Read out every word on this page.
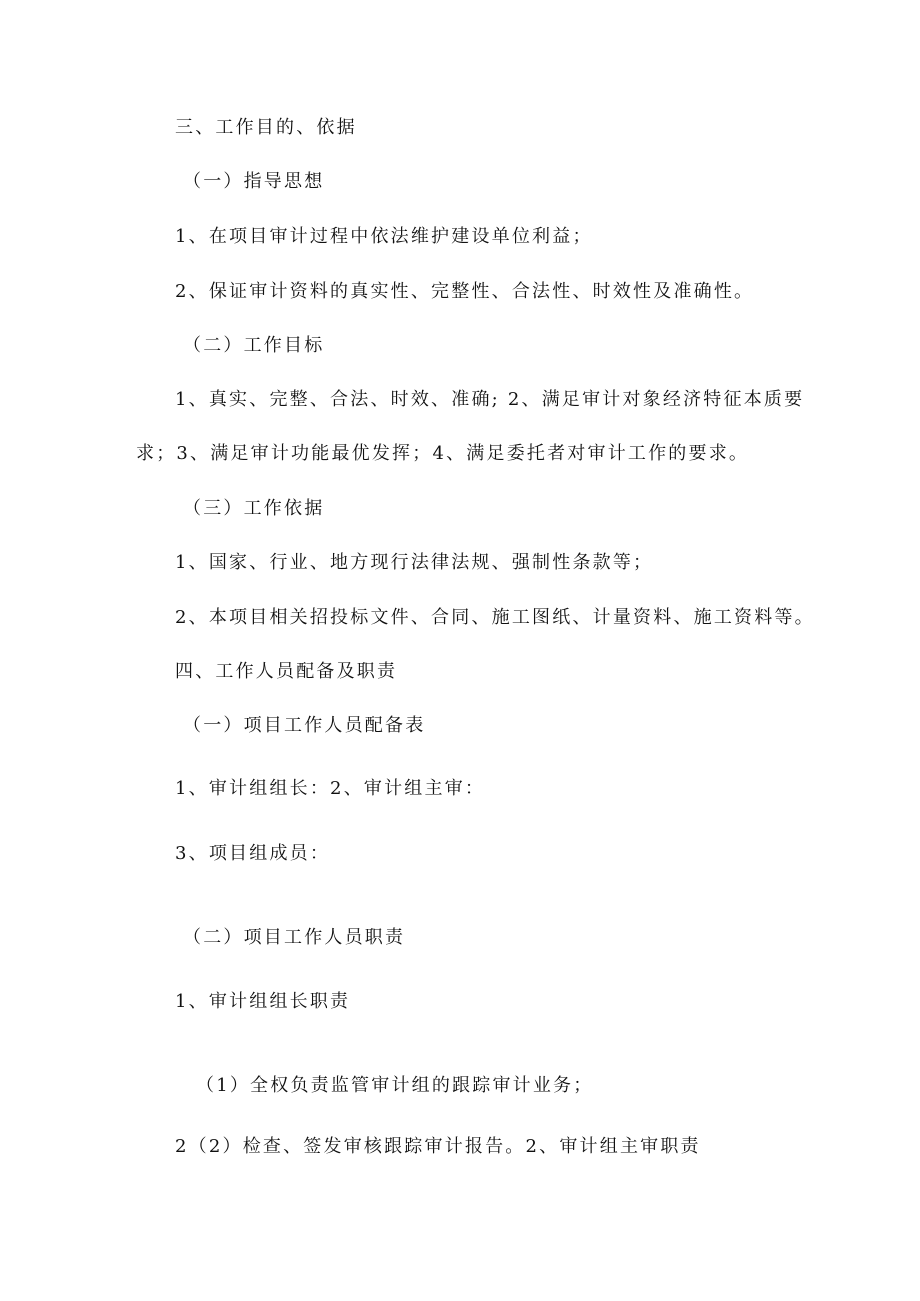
三、工作目的、依据
（一）指导思想
1、在项目审计过程中依法维护建设单位利益；
2、保证审计资料的真实性、完整性、合法性、时效性及准确性。
（二）工作目标
1、真实、完整、合法、时效、准确; 2、满足审计对象经济特征本质要
求；3、满足审计功能最优发挥；4、满足委托者对审计工作的要求。
（三）工作依据
1、国家、行业、地方现行法律法规、强制性条款等；
2、本项目相关招投标文件、合同、施工图纸、计量资料、施工资料等。
四、工作人员配备及职责
（一）项目工作人员配备表
1、审计组组长：2、审计组主审：
3、项目组成员：
（二）项目工作人员职责
1、审计组组长职责
（1）全权负责监管审计组的跟踪审计业务；
2（2）检查、签发审核跟踪审计报告。2、审计组主审职责
